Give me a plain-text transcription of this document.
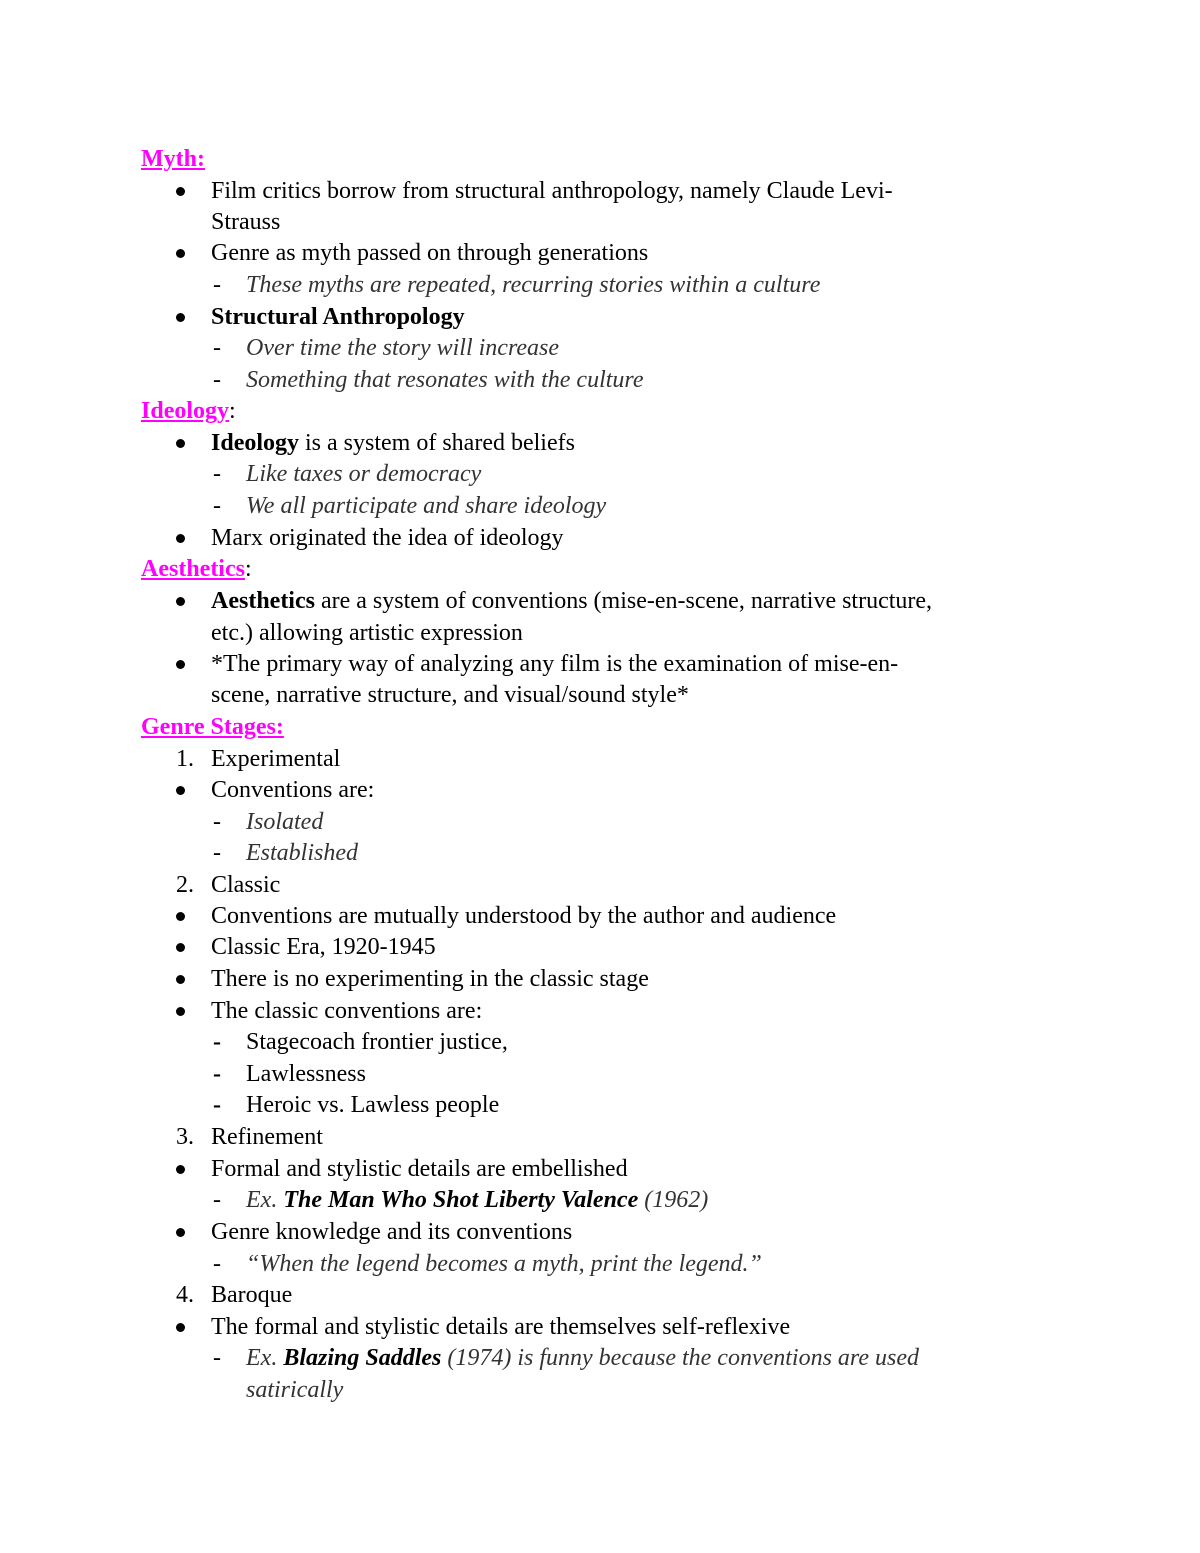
Myth:
Film critics borrow from structural anthropology, namely Claude Levi-
Strauss
Genre as myth passed on through generations
- These myths are repeated, recurring stories within a culture
Structural Anthropology
- Over time the story will increase
- Something that resonates with the culture
Ideology:
Ideology is a system of shared beliefs
- Like taxes or democracy
- We all participate and share ideology
Marx originated the idea of ideology
Aesthetics:
Aesthetics are a system of conventions (mise-en-scene, narrative structure,
etc.) allowing artistic expression
*The primary way of analyzing any film is the examination of mise-en-
scene, narrative structure, and visual/sound style*
Genre Stages:
1. Experimental
Conventions are:
- Isolated
- Established
2. Classic
Conventions are mutually understood by the author and audience
Classic Era, 1920-1945
There is no experimenting in the classic stage
The classic conventions are:
- Stagecoach frontier justice,
- Lawlessness
- Heroic vs. Lawless people
3. Refinement
Formal and stylistic details are embellished
- Ex. The Man Who Shot Liberty Valence (1962)
Genre knowledge and its conventions
- “When the legend becomes a myth, print the legend.”
4. Baroque
The formal and stylistic details are themselves self-reflexive
- Ex. Blazing Saddles (1974) is funny because the conventions are used
satirically
